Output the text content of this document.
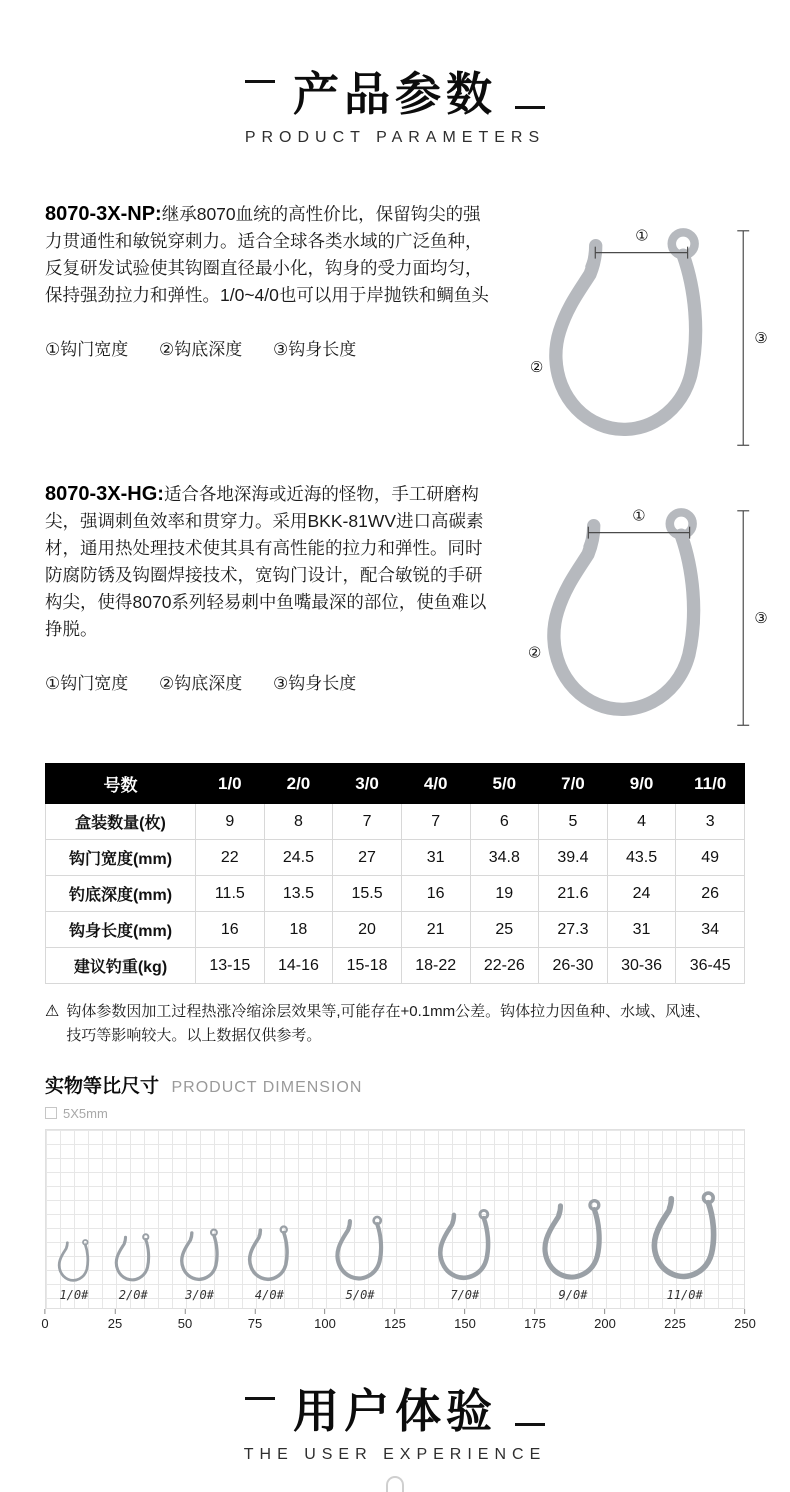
产品参数
PRODUCT PARAMETERS

8070-3X-NP:继承8070血统的高性价比，保留钩尖的强力贯通性和敏锐穿刺力。适合全球各类水域的广泛鱼种，反复研发试验使其钩圈直径最小化，钩身的受力面均匀，保持强劲拉力和弹性。1/0~4/0也可以用于岸抛铁和鲷鱼头

①钩门宽度 ②钩底深度 ③钩身长度
①
②
③

8070-3X-HG:适合各地深海或近海的怪物，手工研磨构尖，强调刺鱼效率和贯穿力。采用BKK-81WV进口高碳素材，通用热处理技术使其具有高性能的拉力和弹性。同时防腐防锈及钩圈焊接技术，宽钩门设计，配合敏锐的手研构尖，使得8070系列轻易刺中鱼嘴最深的部位，使鱼难以挣脱。

①钩门宽度 ②钩底深度 ③钩身长度
①
②
③
号数	1/0	2/0	3/0	4/0	5/0	7/0	9/0	11/0
盒装数量(枚)	9	8	7	7	6	5	4	3
钩门宽度(mm)	22	24.5	27	31	34.8	39.4	43.5	49
钓底深度(mm)	11.5	13.5	15.5	16	19	21.6	24	26
钩身长度(mm)	16	18	20	21	25	27.3	31	34
建议钓重(kg)	13-15	14-16	15-18	18-22	22-26	26-30	30-36	36-45

⚠ 钩体参数因加工过程热涨冷缩涂层效果等,可能存在+0.1mm公差。钩体拉力因鱼种、水域、风速、
技巧等影响较大。以上数据仅供参考。

实物等比尺寸 PRODUCT DIMENSION
5X5mm
1/0#	2/0#	3/0#	4/0#	5/0#	7/0#	9/0#	11/0#
0	25	50	75	100	125	150	175	200	225	250
用户体验
THE USER EXPERIENCE
